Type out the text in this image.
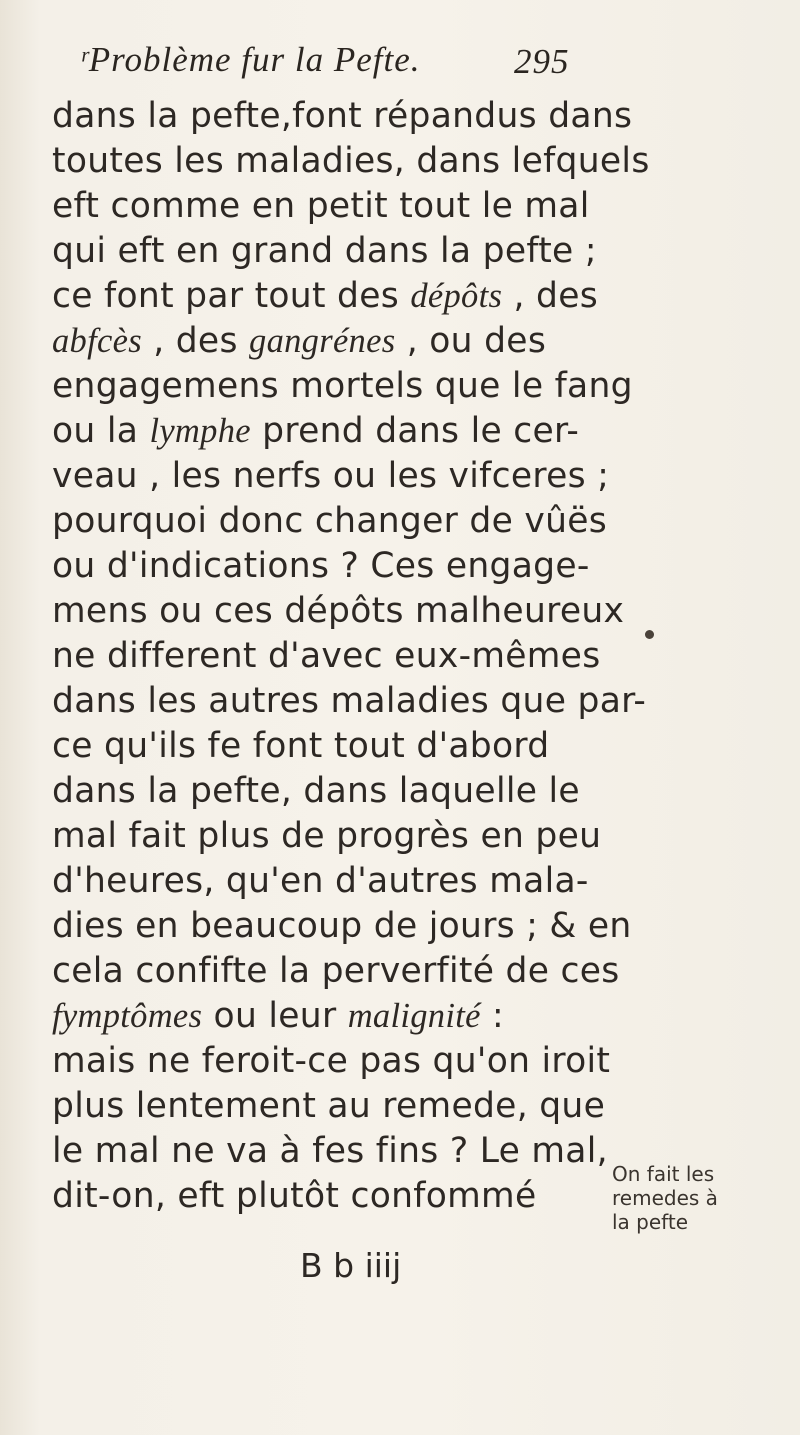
ʳProblème fur la Pefte.	295
dans la pefte,font répandus dans
toutes les maladies, dans lefquels
eft comme en petit tout le mal
qui eft en grand dans la pefte ;
ce font par tout des dépôts , des
abfcès , des gangrénes , ou des
engagemens mortels que le fang
ou la lymphe prend dans le cer-
veau , les nerfs ou les vifceres ;
pourquoi donc changer de vûës
ou d'indications ? Ces engage-
mens ou ces dépôts malheureux
ne different d'avec eux-mêmes
dans les autres maladies que par-
ce qu'ils fe font tout d'abord
dans la pefte, dans laquelle le
mal fait plus de progrès en peu
d'heures, qu'en d'autres mala-
dies en beaucoup de jours ; & en
cela confifte la perverfité de ces
fymptômes ou leur malignité :
mais ne feroit-ce pas qu'on iroit
plus lentement au remede, que
le mal ne va à fes fins ? Le mal,
dit-on, eft plutôt confommé
B b iiij
On fait les
remedes à
la pefte
